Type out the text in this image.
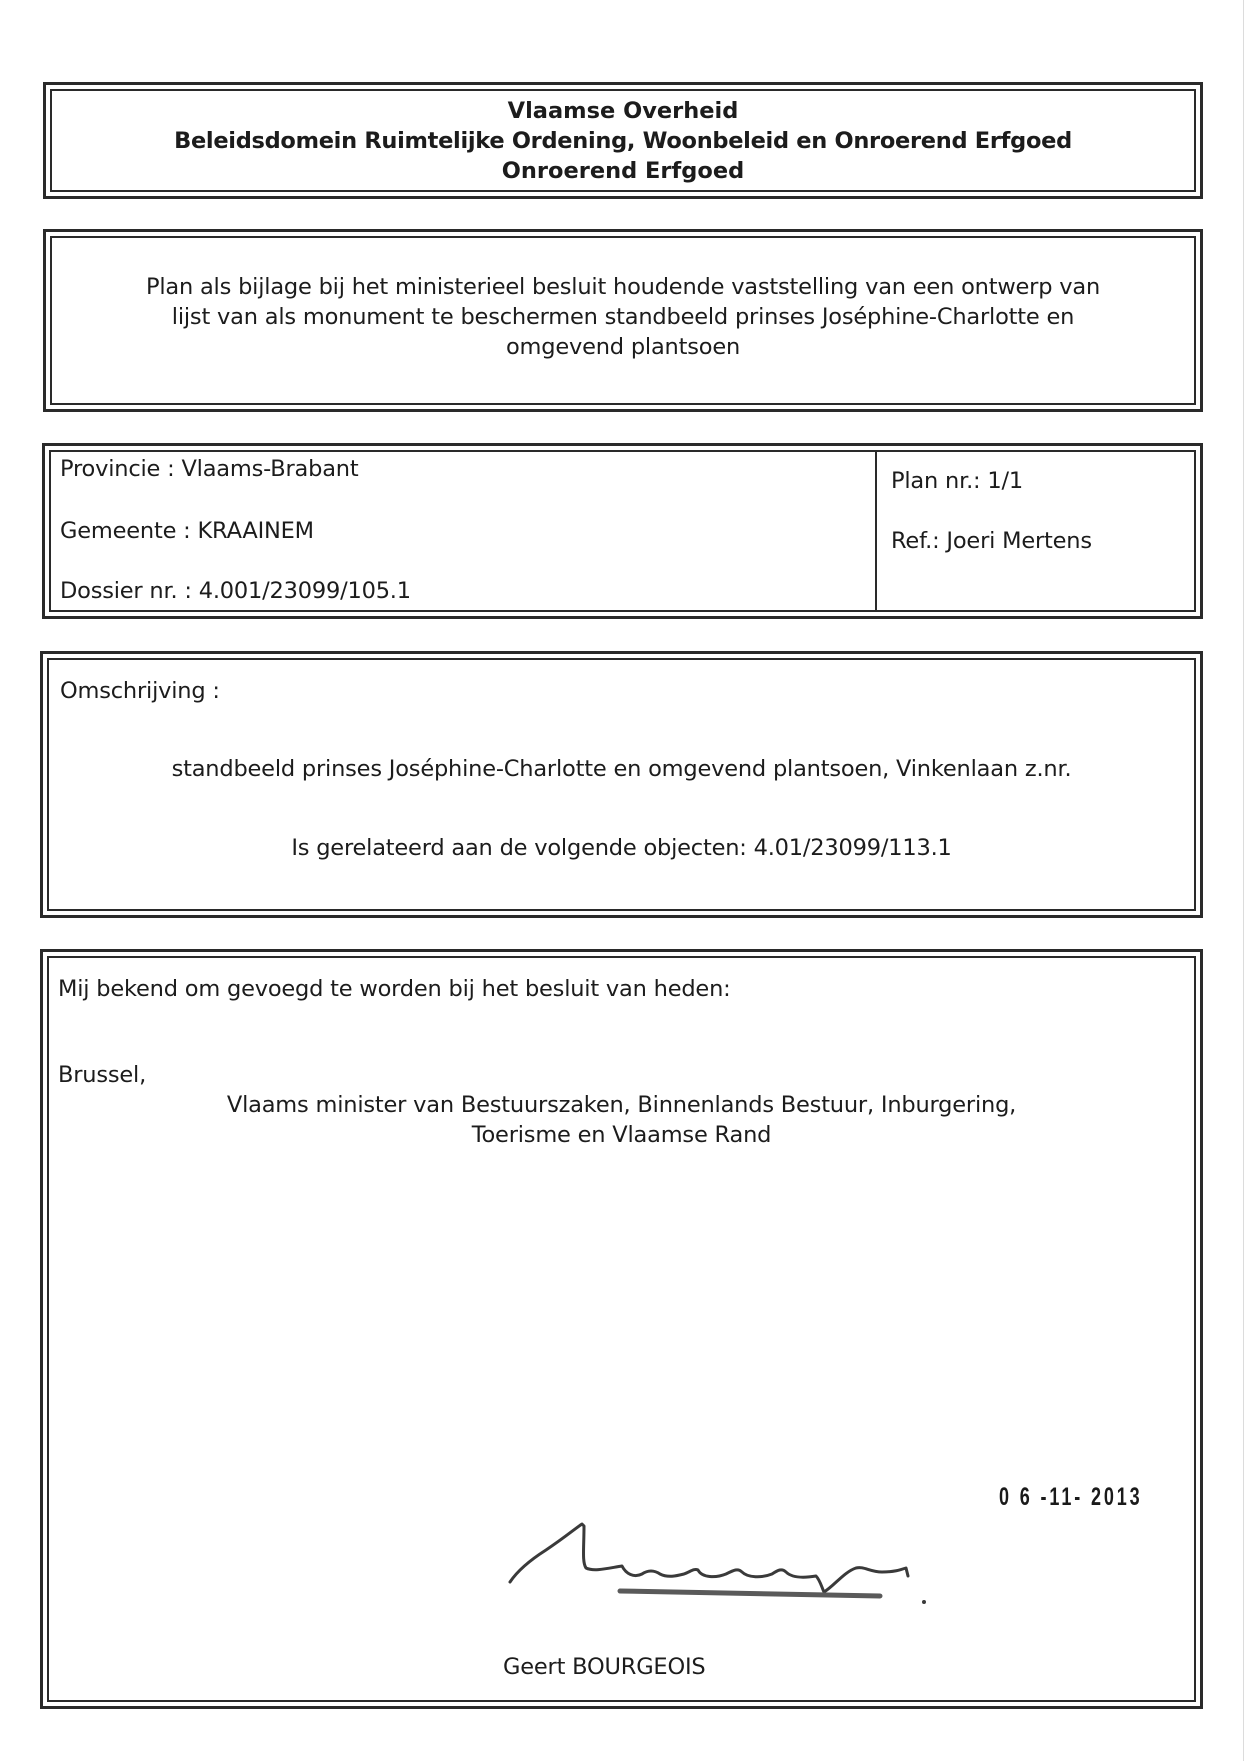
Vlaamse Overheid
Beleidsdomein Ruimtelijke Ordening, Woonbeleid en Onroerend Erfgoed
Onroerend Erfgoed
Plan als bijlage bij het ministerieel besluit houdende vaststelling van een ontwerp van
lijst van als monument te beschermen standbeeld prinses Joséphine-Charlotte en
omgevend plantsoen
Provincie : Vlaams-Brabant
Gemeente : KRAAINEM
Dossier nr. : 4.001/23099/105.1
Plan nr.: 1/1
Ref.: Joeri Mertens
Omschrijving :
standbeeld prinses Joséphine-Charlotte en omgevend plantsoen, Vinkenlaan z.nr.
Is gerelateerd aan de volgende objecten: 4.01/23099/113.1
Mij bekend om gevoegd te worden bij het besluit van heden:
Brussel,
Vlaams minister van Bestuurszaken, Binnenlands Bestuur, Inburgering,
Toerisme en Vlaamse Rand
0 6 -11- 2013
Geert BOURGEOIS
